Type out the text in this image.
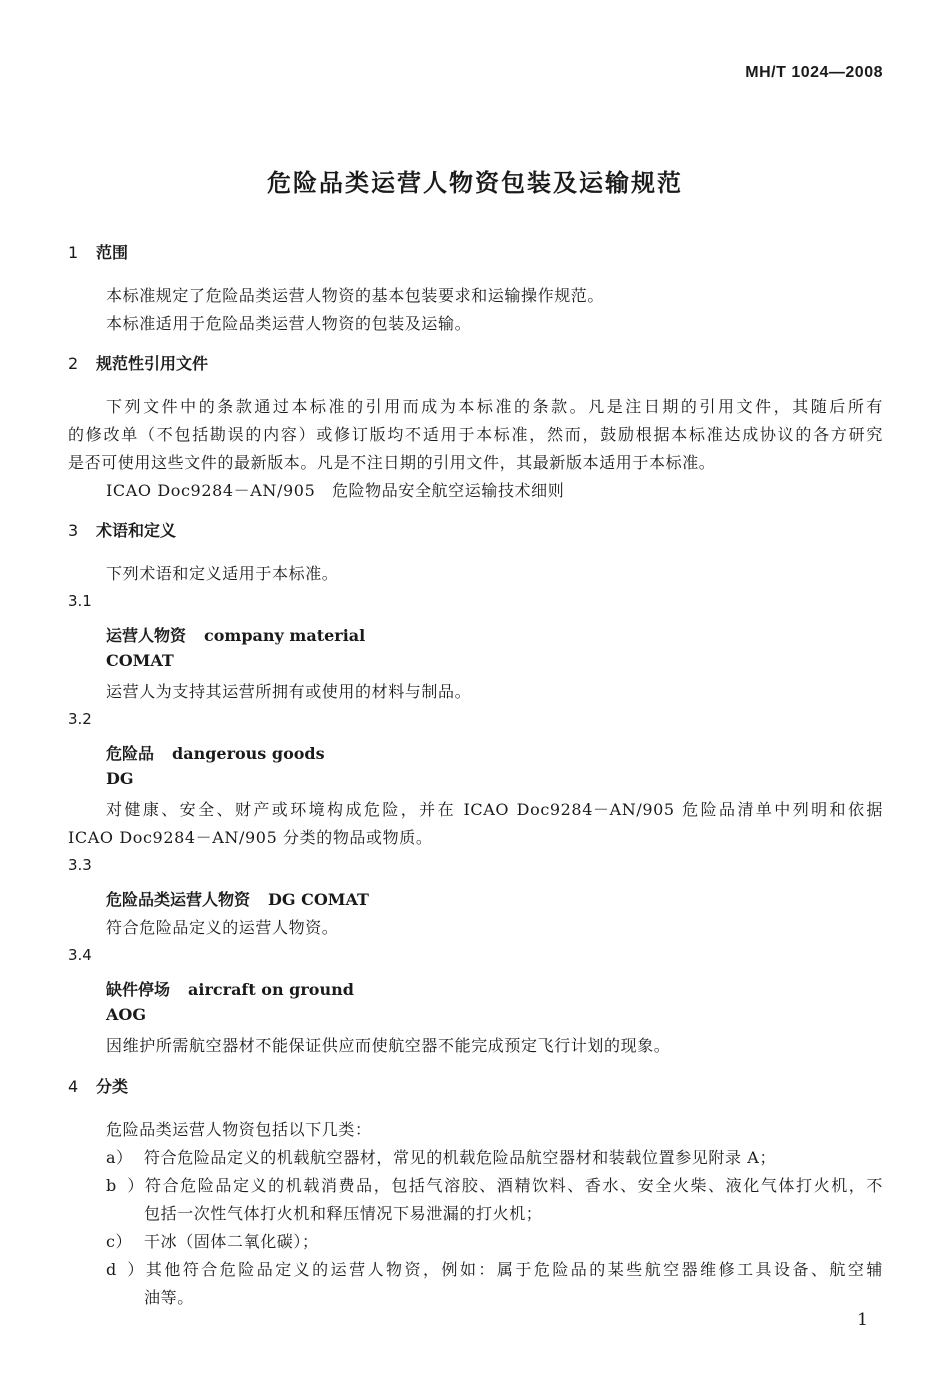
MH/T 1024—2008
危险品类运营人物资包装及运输规范
1 范围
本标准规定了危险品类运营人物资的基本包装要求和运输操作规范。
本标准适用于危险品类运营人物资的包装及运输。
2 规范性引用文件
下列文件中的条款通过本标准的引用而成为本标准的条款。凡是注日期的引用文件，其随后所有
的修改单（不包括勘误的内容）或修订版均不适用于本标准，然而，鼓励根据本标准达成协议的各方研究
是否可使用这些文件的最新版本。凡是不注日期的引用文件，其最新版本适用于本标准。
ICAO Doc9284－AN/905　危险物品安全航空运输技术细则
3 术语和定义
下列术语和定义适用于本标准。
3.1
运营人物资 company material
COMAT
运营人为支持其运营所拥有或使用的材料与制品。
3.2
危险品 dangerous goods
DG
对健康、安全、财产或环境构成危险，并在 ICAO Doc9284－AN/905 危险品清单中列明和依据
ICAO Doc9284－AN/905 分类的物品或物质。
3.3
危险品类运营人物资 DG COMAT
符合危险品定义的运营人物资。
3.4
缺件停场 aircraft on ground
AOG
因维护所需航空器材不能保证供应而使航空器不能完成预定飞行计划的现象。
4 分类
危险品类运营人物资包括以下几类：
a） 符合危险品定义的机载航空器材，常见的机载危险品航空器材和装载位置参见附录 A；
b）符合危险品定义的机载消费品，包括气溶胶、酒精饮料、香水、安全火柴、液化气体打火机，不
包括一次性气体打火机和释压情况下易泄漏的打火机；
c） 干冰（固体二氧化碳）；
d）其他符合危险品定义的运营人物资，例如：属于危险品的某些航空器维修工具设备、航空辅
油等。
1
